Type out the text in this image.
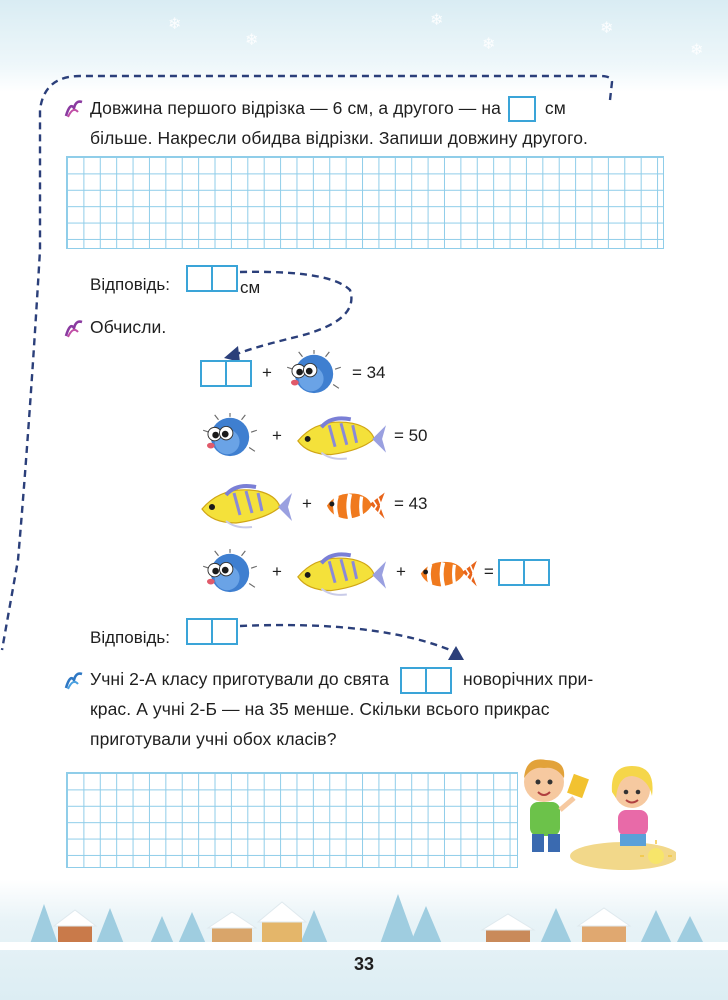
❄
❄
❄
❄
❄
❄
Довжина першого відрізка — 6 см, а другого — на	см
більше. Накресли обидва відрізки. Запиши довжину другого.
Відповідь:	см
Обчисли.
+	= 34
+	= 50
+	= 43
+	+	=
Відповідь:
Учні 2-А класу приготували до свята	новорічних при-
крас. А учні 2-Б — на 35 менше. Скільки всього прикрас
приготували учні обох класів?
33
